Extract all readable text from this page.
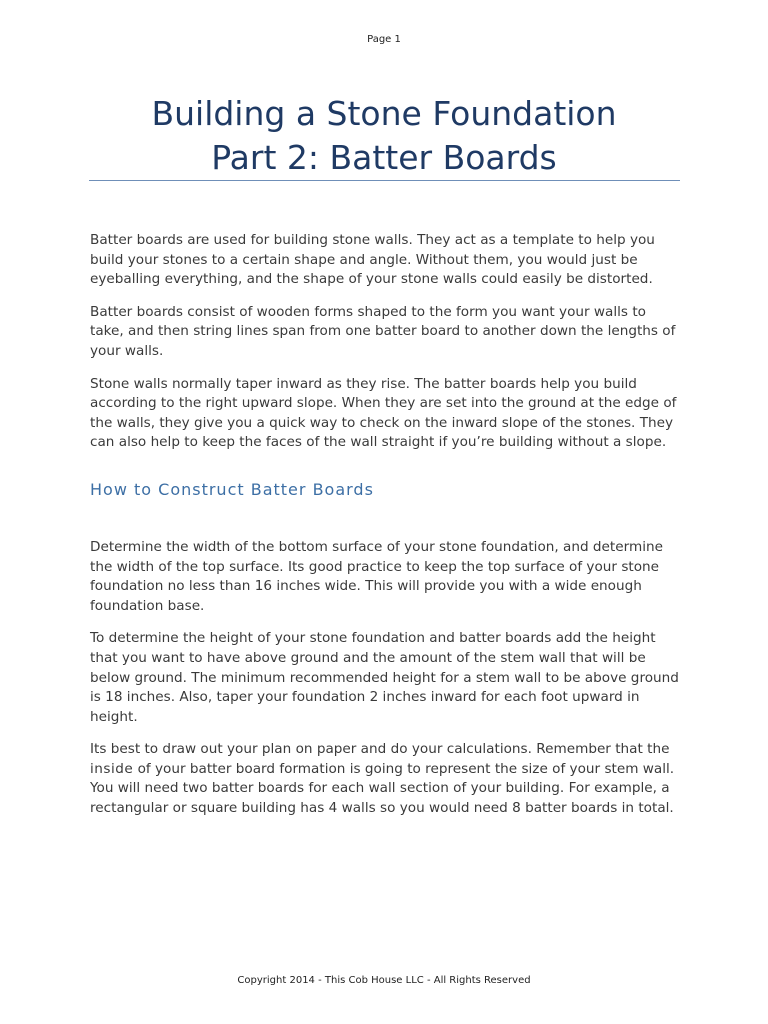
Page 1
Building a Stone Foundation
Part 2: Batter Boards

Batter boards are used for building stone walls. They act as a template to help you build your stones to a certain shape and angle. Without them, you would just be eyeballing everything, and the shape of your stone walls could easily be distorted.

Batter boards consist of wooden forms shaped to the form you want your walls to take, and then string lines span from one batter board to another down the lengths of your walls.

Stone walls normally taper inward as they rise. The batter boards help you build according to the right upward slope. When they are set into the ground at the edge of the walls, they give you a quick way to check on the inward slope of the stones. They can also help to keep the faces of the wall straight if you’re building without a slope.

How to Construct Batter Boards

Determine the width of the bottom surface of your stone foundation, and determine the width of the top surface. Its good practice to keep the top surface of your stone foundation no less than 16 inches wide. This will provide you with a wide enough foundation base.

To determine the height of your stone foundation and batter boards add the height that you want to have above ground and the amount of the stem wall that will be below ground. The minimum recommended height for a stem wall to be above ground is 18 inches. Also, taper your foundation 2 inches inward for each foot upward in height.

Its best to draw out your plan on paper and do your calculations. Remember that the inside of your batter board formation is going to represent the size of your stem wall. You will need two batter boards for each wall section of your building. For example, a rectangular or square building has 4 walls so you would need 8 batter boards in total.

Copyright 2014 - This Cob House LLC - All Rights Reserved
